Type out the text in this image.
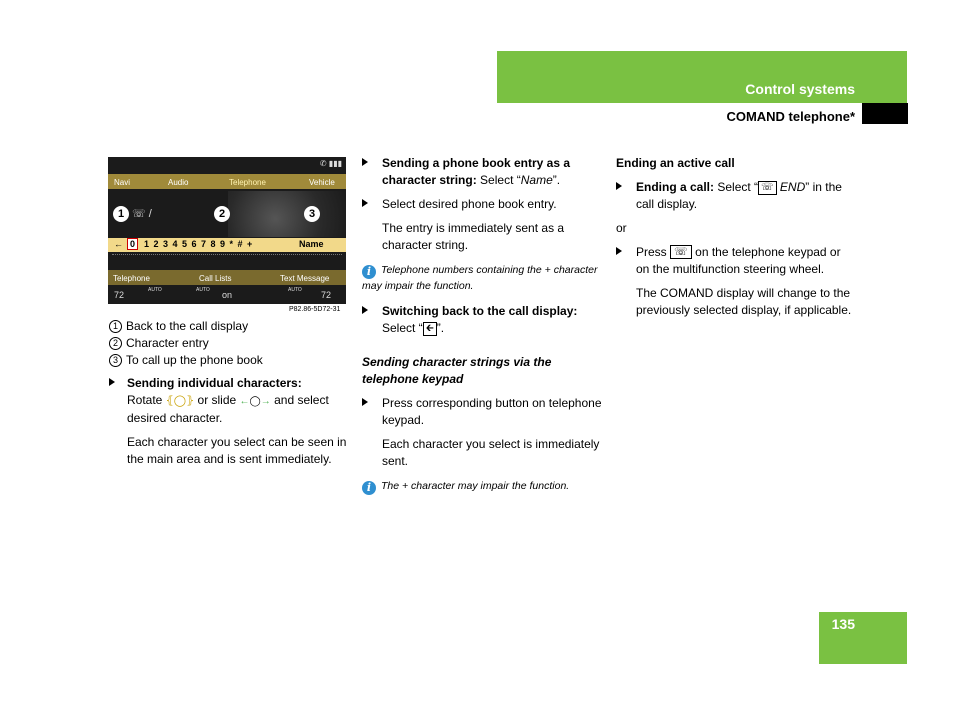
Control systems
COMAND telephone*
135
✆ ▮▮▮
Navi	Audio	Telephone	Vehicle
1 ☏ /	2	3
← 0 1 2 3 4 5 6 7 8 9 * # +	Name
Telephone	Call Lists	Text Message
72	AUTO	on
AUTO	AUTO 72
P82.86-5D72-31
1 Back to the call display
2 Character entry
3 To call up the phone book
Sending individual characters:
Rotate ⦃◯⦄ or slide ←◯→ and select desired character.
Each character you select can be seen in the main area and is sent immediately.
Sending a phone book entry as a character string: Select “Name”.
Select desired phone book entry.
The entry is immediately sent as a character string.
i Telephone numbers containing the + character may impair the function.
Switching back to the call display:
Select “ 🡰 ”.
Sending character strings via the telephone keypad
Press corresponding button on telephone keypad.
Each character you select is immediately sent.
i The + character may impair the function.
Ending an active call
Ending a call: Select “ ☏ END” in the call display.
or
Press ☏ on the telephone keypad or on the multifunction steering wheel.
The COMAND display will change to the previously selected display, if applicable.
